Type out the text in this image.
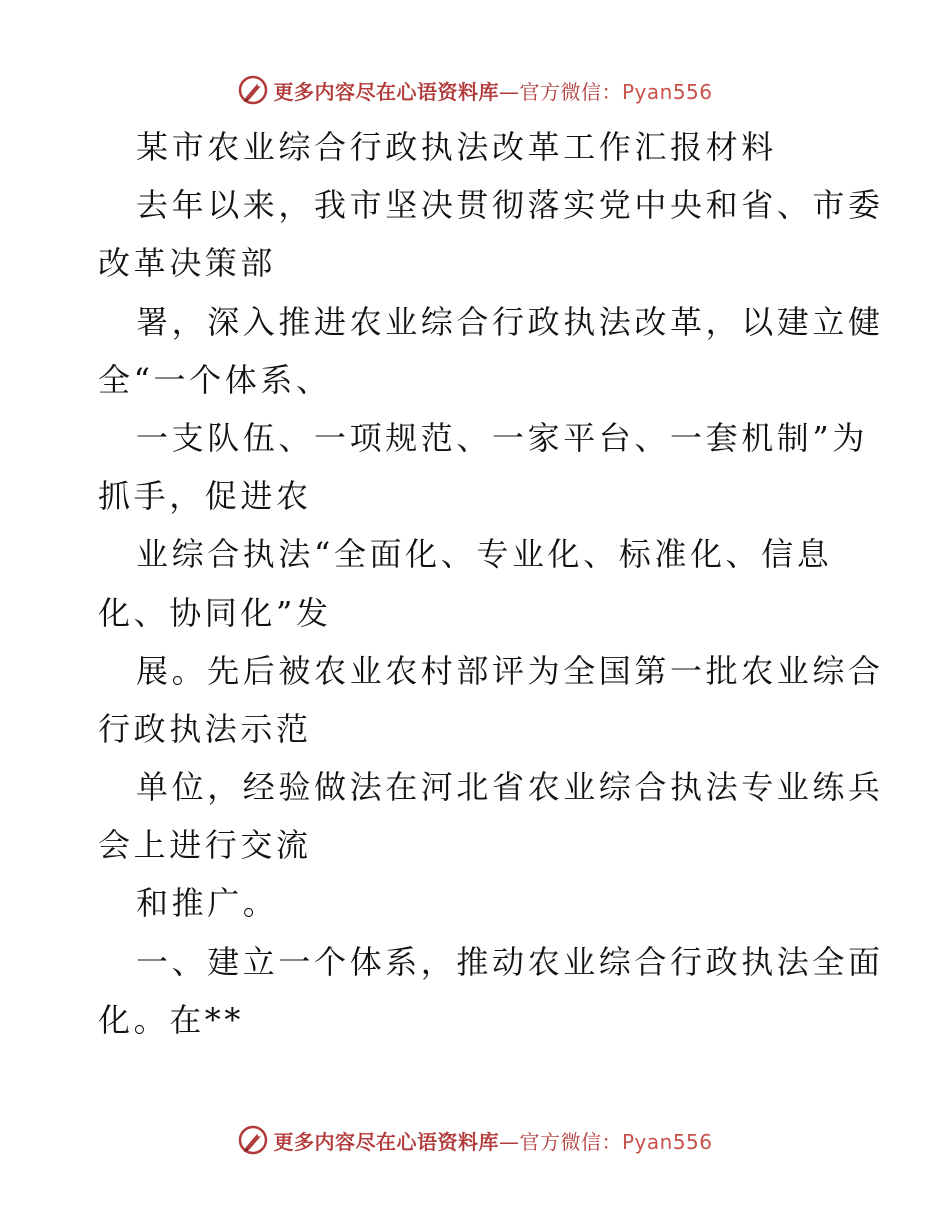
更多内容尽在心语资料库—官方微信：Pyan556
某市农业综合行政执法改革工作汇报材料
去年以来，我市坚决贯彻落实党中央和省、市委
改革决策部
署，深入推进农业综合行政执法改革，以建立健
全“一个体系、
一支队伍、一项规范、一家平台、一套机制”为
抓手，促进农
业综合执法“全面化、专业化、标准化、信息
化、协同化”发
展。先后被农业农村部评为全国第一批农业综合
行政执法示范
单位，经验做法在河北省农业综合执法专业练兵
会上进行交流
和推广。
一、建立一个体系，推动农业综合行政执法全面
化。在**
更多内容尽在心语资料库—官方微信：Pyan556
